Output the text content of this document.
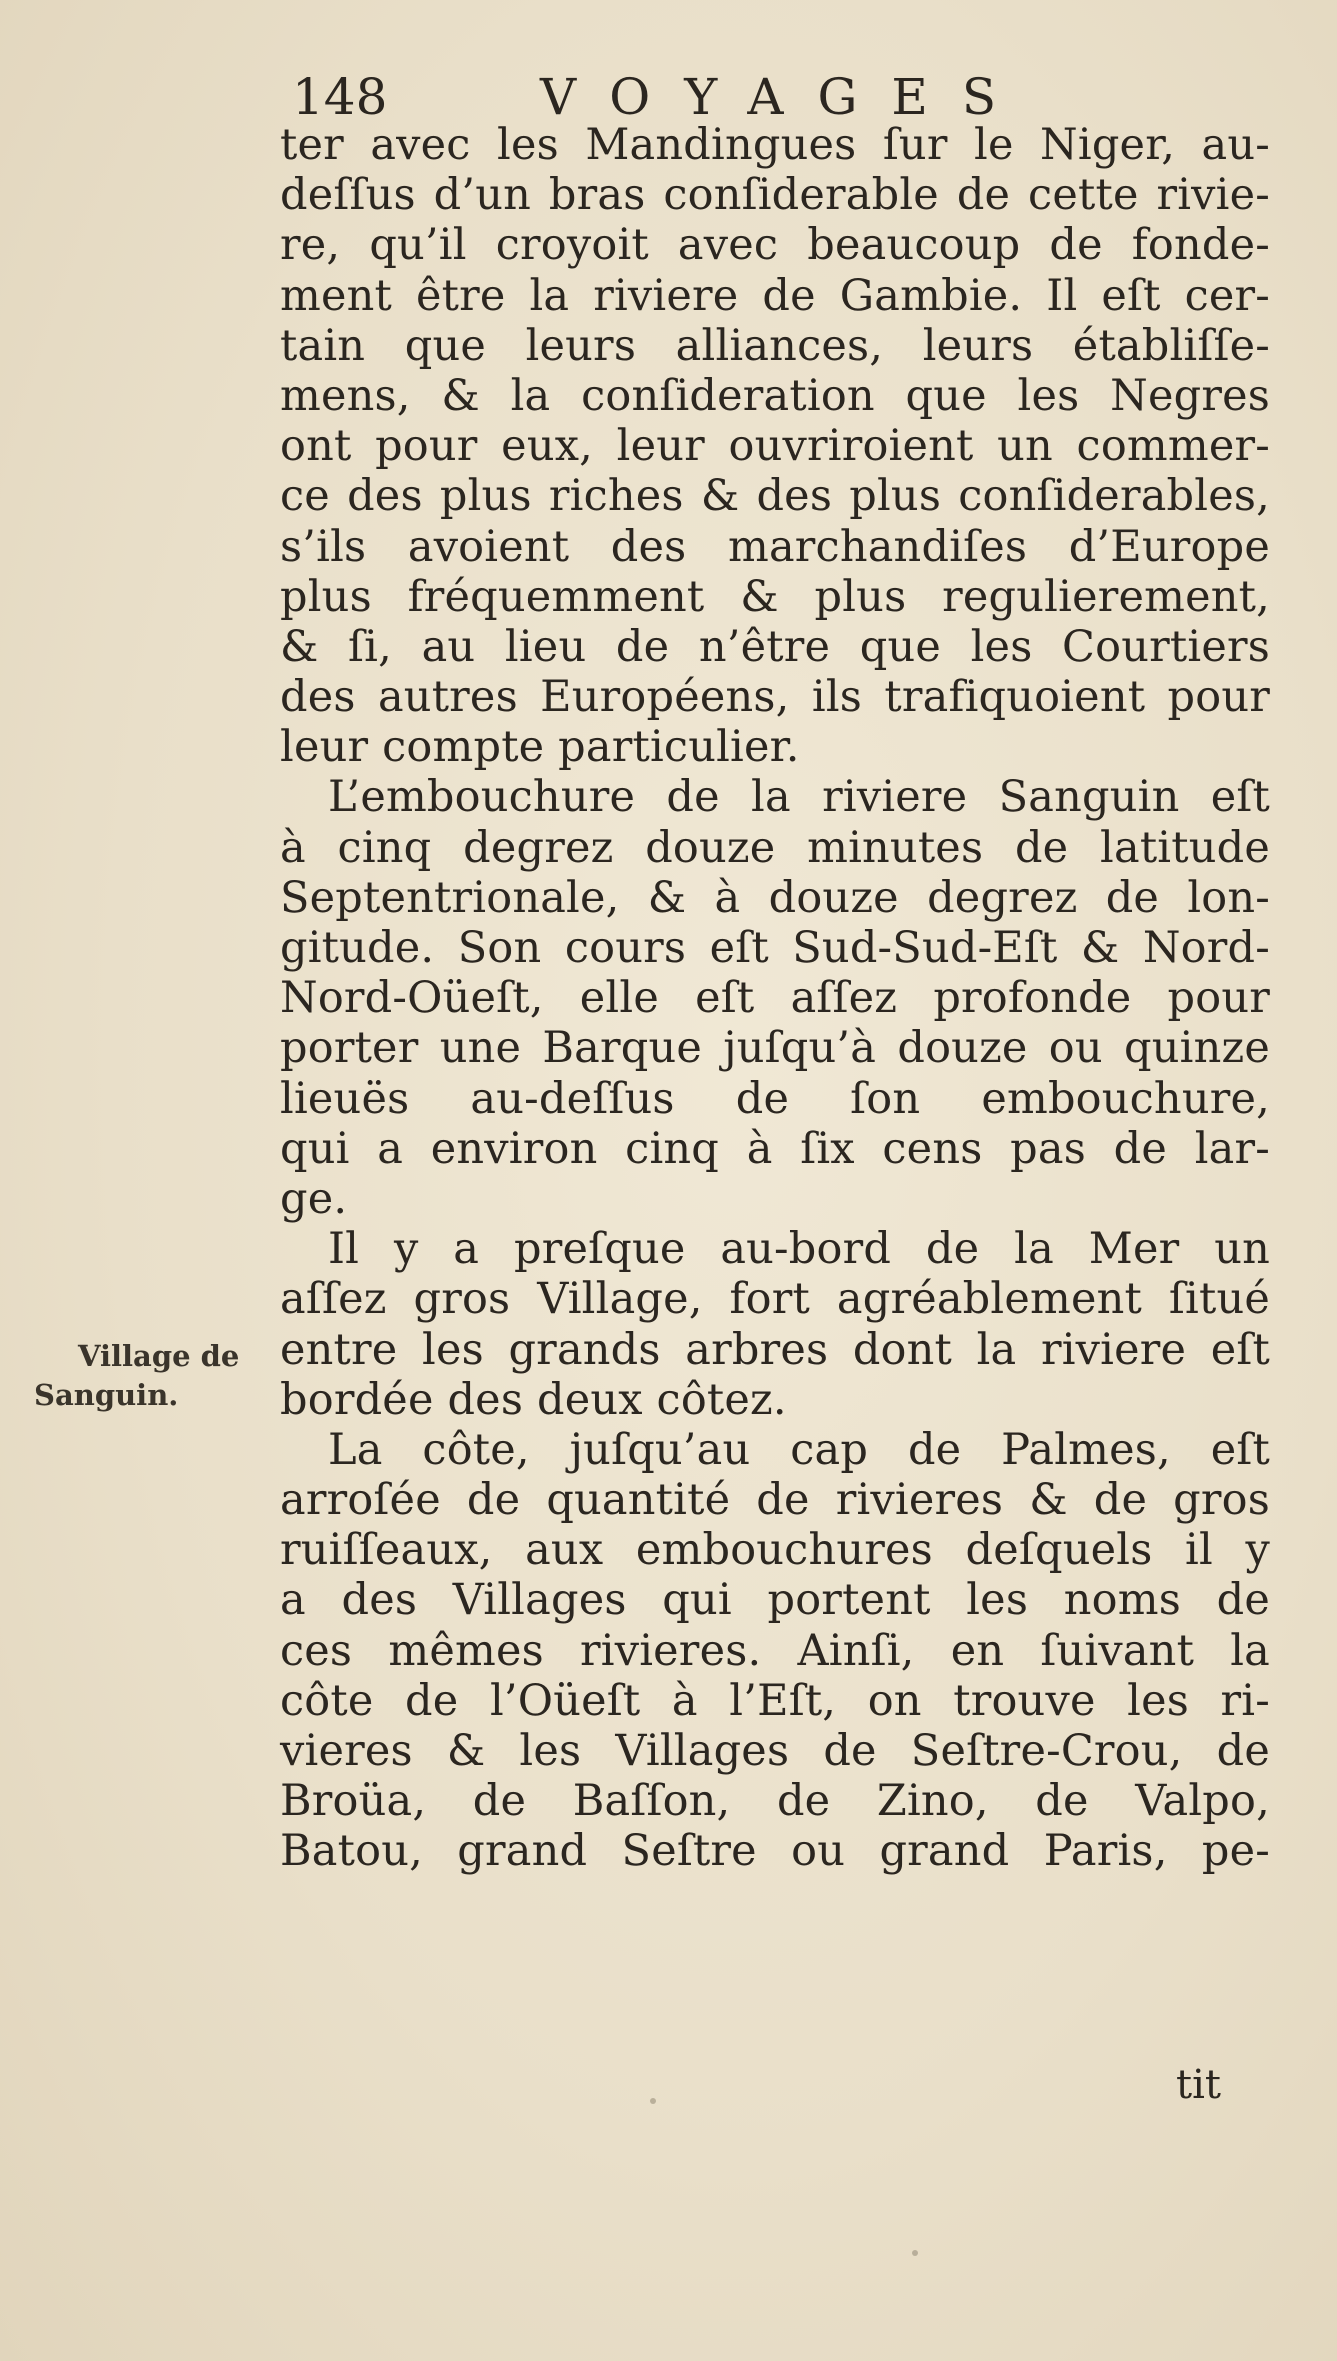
148	VOYAGES
ter avec les Mandingues ſur le Niger, au-
deſſus d’un bras conſiderable de cette rivie-
re, qu’il croyoit avec beaucoup de fonde-
ment être la riviere de Gambie. Il eſt cer-
tain que leurs alliances, leurs établiſſe-
mens, & la conſideration que les Negres
ont pour eux, leur ouvriroient un commer-
ce des plus riches & des plus conſiderables,
s’ils avoient des marchandiſes d’Europe
plus fréquemment & plus regulierement,
& ſi, au lieu de n’être que les Courtiers
des autres Européens, ils trafiquoient pour
leur compte particulier.
L’embouchure de la riviere Sanguin eſt
à cinq degrez douze minutes de latitude
Septentrionale, & à douze degrez de lon-
gitude. Son cours eſt Sud-Sud-Eſt & Nord-
Nord-Oüeſt, elle eſt aſſez profonde pour
porter une Barque juſqu’à douze ou quinze
lieuës au-deſſus de ſon embouchure,
qui a environ cinq à ſix cens pas de lar-
ge.
Il y a preſque au-bord de la Mer un
aſſez gros Village, fort agréablement ſitué
entre les grands arbres dont la riviere eſt
bordée des deux côtez.
La côte, juſqu’au cap de Palmes, eſt
arroſée de quantité de rivieres & de gros
ruiſſeaux, aux embouchures deſquels il y
a des Villages qui portent les noms de
ces mêmes rivieres. Ainſi, en ſuivant la
côte de l’Oüeſt à l’Eſt, on trouve les ri-
vieres & les Villages de Seſtre-Crou, de
Broüa, de Baſſon, de Zino, de Valpo,
Batou, grand Seſtre ou grand Paris, pe-
Village de
Sanguin.
tit
